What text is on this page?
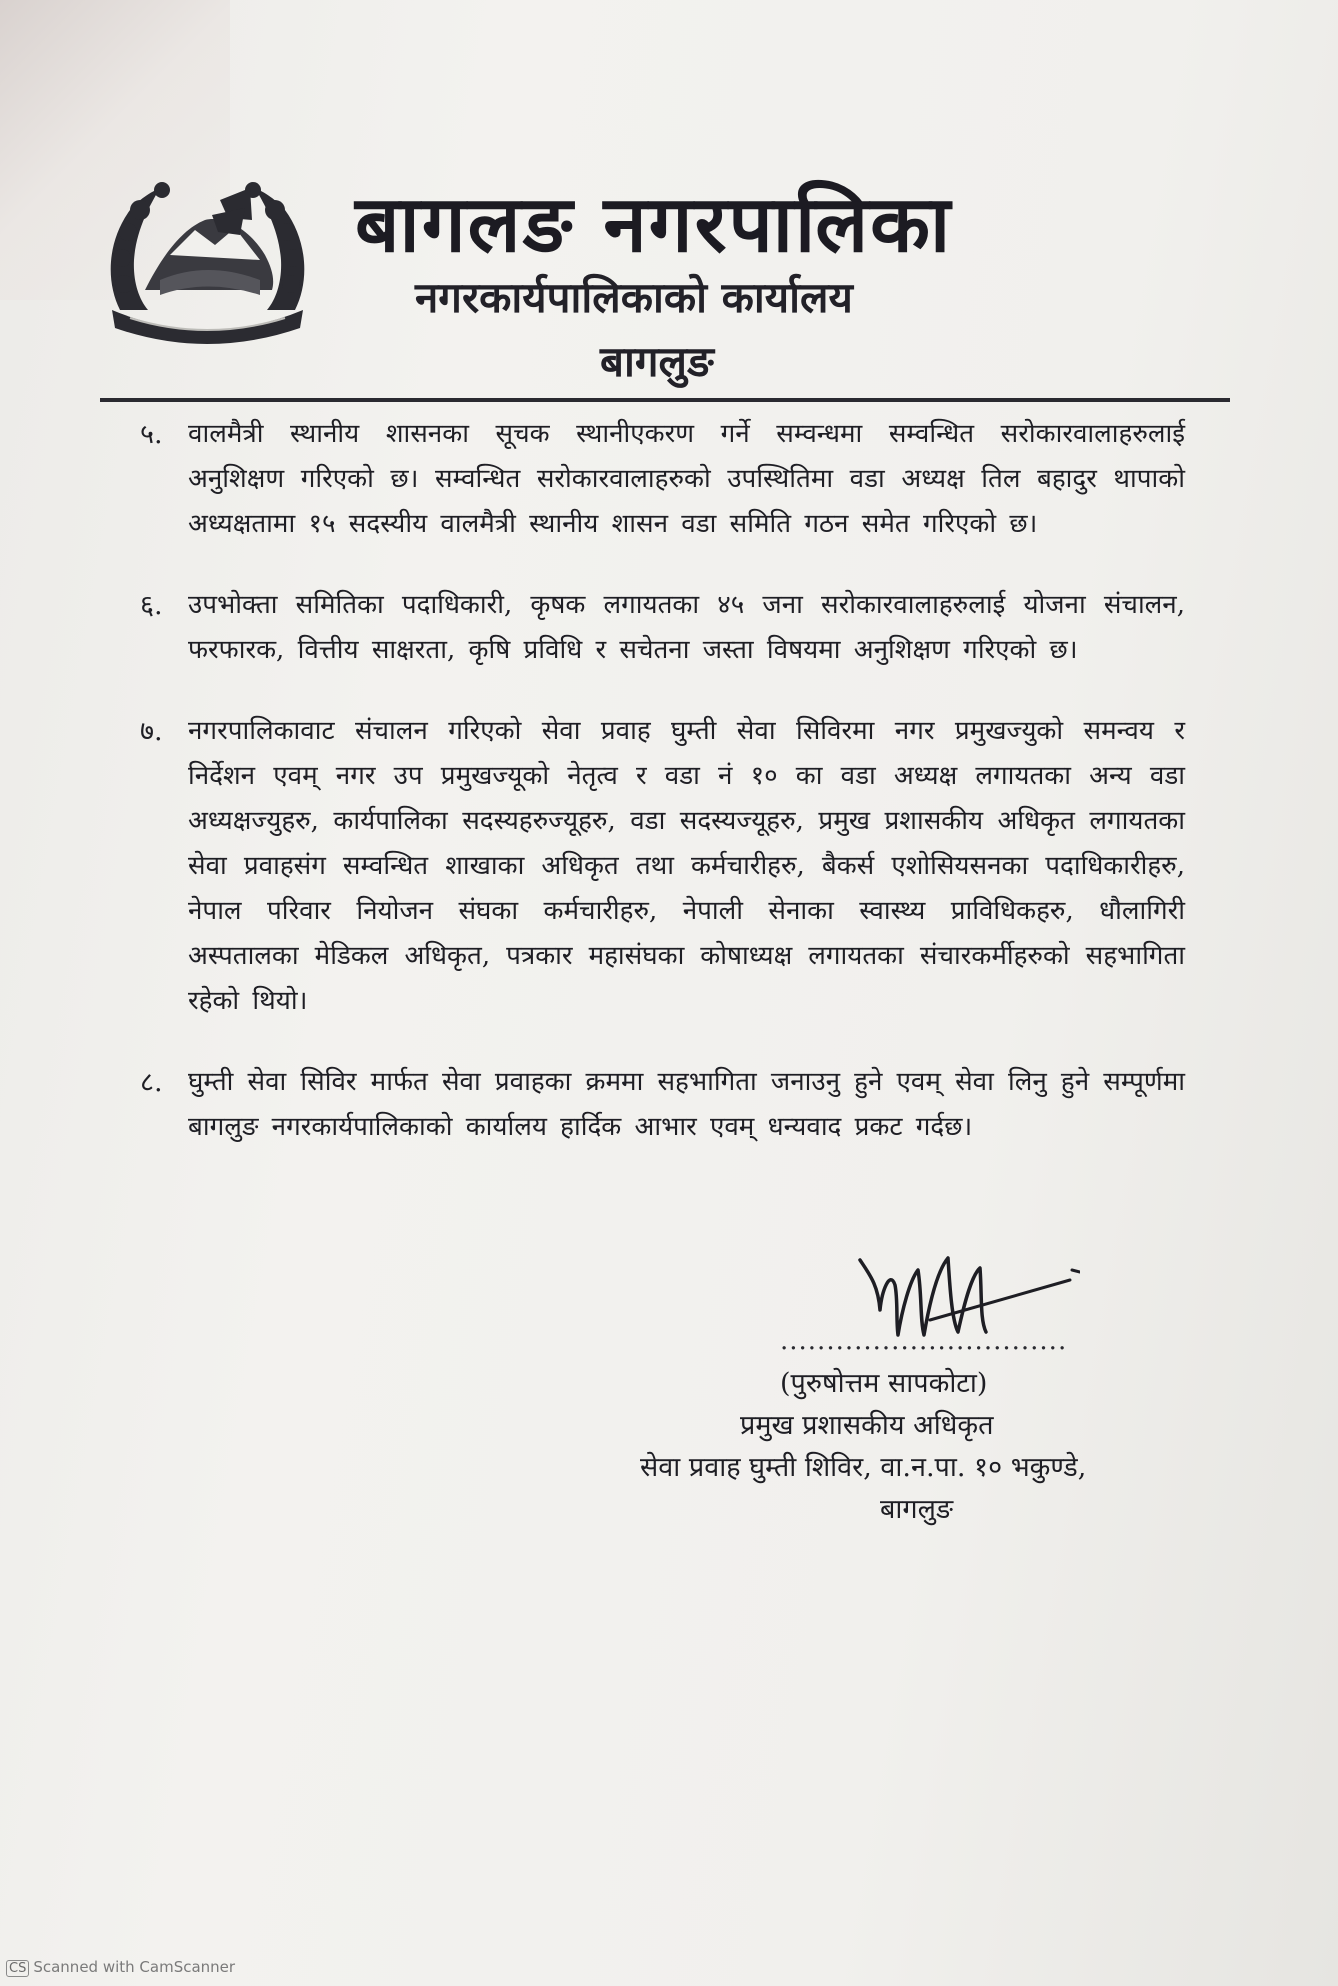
बागलङ नगरपालिका
नगरकार्यपालिकाको कार्यालय
बागलुङ
५. वालमैत्री स्थानीय शासनका सूचक स्थानीएकरण गर्ने सम्वन्धमा सम्वन्धित सरोकारवालाहरुलाई अनुशिक्षण गरिएको छ। सम्वन्धित सरोकारवालाहरुको उपस्थितिमा वडा अध्यक्ष तिल बहादुर थापाको अध्यक्षतामा १५ सदस्यीय वालमैत्री स्थानीय शासन वडा समिति गठन समेत गरिएको छ।

६. उपभोक्ता समितिका पदाधिकारी, कृषक लगायतका ४५ जना सरोकारवालाहरुलाई योजना संचालन, फरफारक, वित्तीय साक्षरता, कृषि प्रविधि र सचेतना जस्ता विषयमा अनुशिक्षण गरिएको छ।

७. नगरपालिकावाट संचालन गरिएको सेवा प्रवाह घुम्ती सेवा सिविरमा नगर प्रमुखज्युको समन्वय र निर्देशन एवम् नगर उप प्रमुखज्यूको नेतृत्व र वडा नं १० का वडा अध्यक्ष लगायतका अन्य वडा अध्यक्षज्युहरु, कार्यपालिका सदस्यहरुज्यूहरु, वडा सदस्यज्यूहरु, प्रमुख प्रशासकीय अधिकृत लगायतका सेवा प्रवाहसंग सम्वन्धित शाखाका अधिकृत तथा कर्मचारीहरु, बैकर्स एशोसियसनका पदाधिकारीहरु, नेपाल परिवार नियोजन संघका कर्मचारीहरु, नेपाली सेनाका स्वास्थ्य प्राविधिकहरु, धौलागिरी अस्पतालका मेडिकल अधिकृत, पत्रकार महासंघका कोषाध्यक्ष लगायतका संचारकर्मीहरुको सहभागिता रहेको थियो।

८. घुम्ती सेवा सिविर मार्फत सेवा प्रवाहका क्रममा सहभागिता जनाउनु हुने एवम् सेवा लिनु हुने सम्पूर्णमा बागलुङ नगरकार्यपालिकाको कार्यालय हार्दिक आभार एवम् धन्यवाद प्रकट गर्दछ।

...............................
(पुरुषोत्तम सापकोटा)
प्रमुख प्रशासकीय अधिकृत
सेवा प्रवाह घुम्ती शिविर, वा.न.पा. १० भकुण्डे,
बागलुङ
CS Scanned with CamScanner
